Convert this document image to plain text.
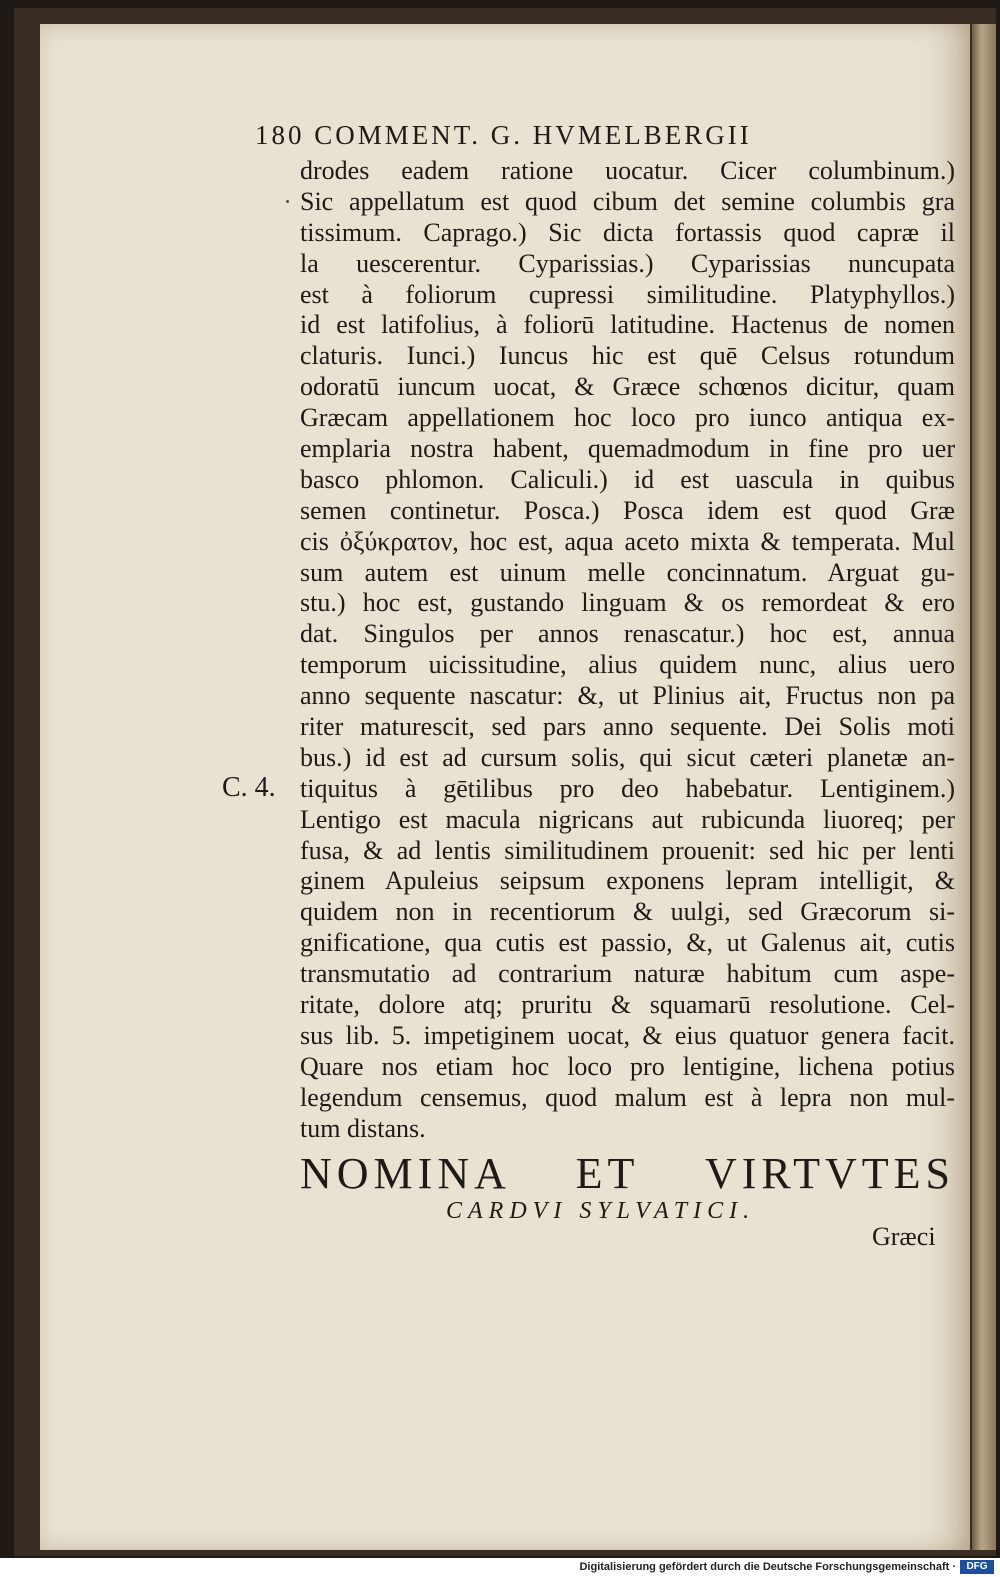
180 COMMENT. G. HVMELBERGII
C. 4.
drodes eadem ratione uocatur. Cicer columbinum.)
Sic appellatum est quod cibum det semine columbis gra
tissimum. Caprago.) Sic dicta fortassis quod capræ il
la uescerentur. Cyparissias.) Cyparissias nuncupata
est à foliorum cupressi similitudine. Platyphyllos.)
id est latifolius, à foliorū latitudine. Hactenus de nomen
claturis. Iunci.) Iuncus hic est quē Celsus rotundum
odoratū iuncum uocat, & Græce schœnos dicitur, quam
Græcam appellationem hoc loco pro iunco antiqua ex-
emplaria nostra habent, quemadmodum in fine pro uer
basco phlomon. Caliculi.) id est uascula in quibus
semen continetur. Posca.) Posca idem est quod Græ
cis ὀξύκρατον, hoc est, aqua aceto mixta & temperata. Mul
sum autem est uinum melle concinnatum. Arguat gu-
stu.) hoc est, gustando linguam & os remordeat & ero
dat. Singulos per annos renascatur.) hoc est, annua
temporum uicissitudine, alius quidem nunc, alius uero
anno sequente nascatur: &, ut Plinius ait, Fructus non pa
riter maturescit, sed pars anno sequente. Dei Solis moti
bus.) id est ad cursum solis, qui sicut cæteri planetæ an-
tiquitus à gētilibus pro deo habebatur. Lentiginem.)
Lentigo est macula nigricans aut rubicunda liuoreq; per
fusa, & ad lentis similitudinem prouenit: sed hic per lenti
ginem Apuleius seipsum exponens lepram intelligit, &
quidem non in recentiorum & uulgi, sed Græcorum si-
gnificatione, qua cutis est passio, &, ut Galenus ait, cutis
transmutatio ad contrarium naturæ habitum cum aspe-
ritate, dolore atq; pruritu & squamarū resolutione. Cel-
sus lib. 5. impetiginem uocat, & eius quatuor genera facit.
Quare nos etiam hoc loco pro lentigine, lichena potius
legendum censemus, quod malum est à lepra non mul-
tum distans.
NOMINA ET VIRTVTES
CARDVI SYLVATICI.
Græci
Digitalisierung gefördert durch die Deutsche Forschungsgemeinschaft ·	DFG
